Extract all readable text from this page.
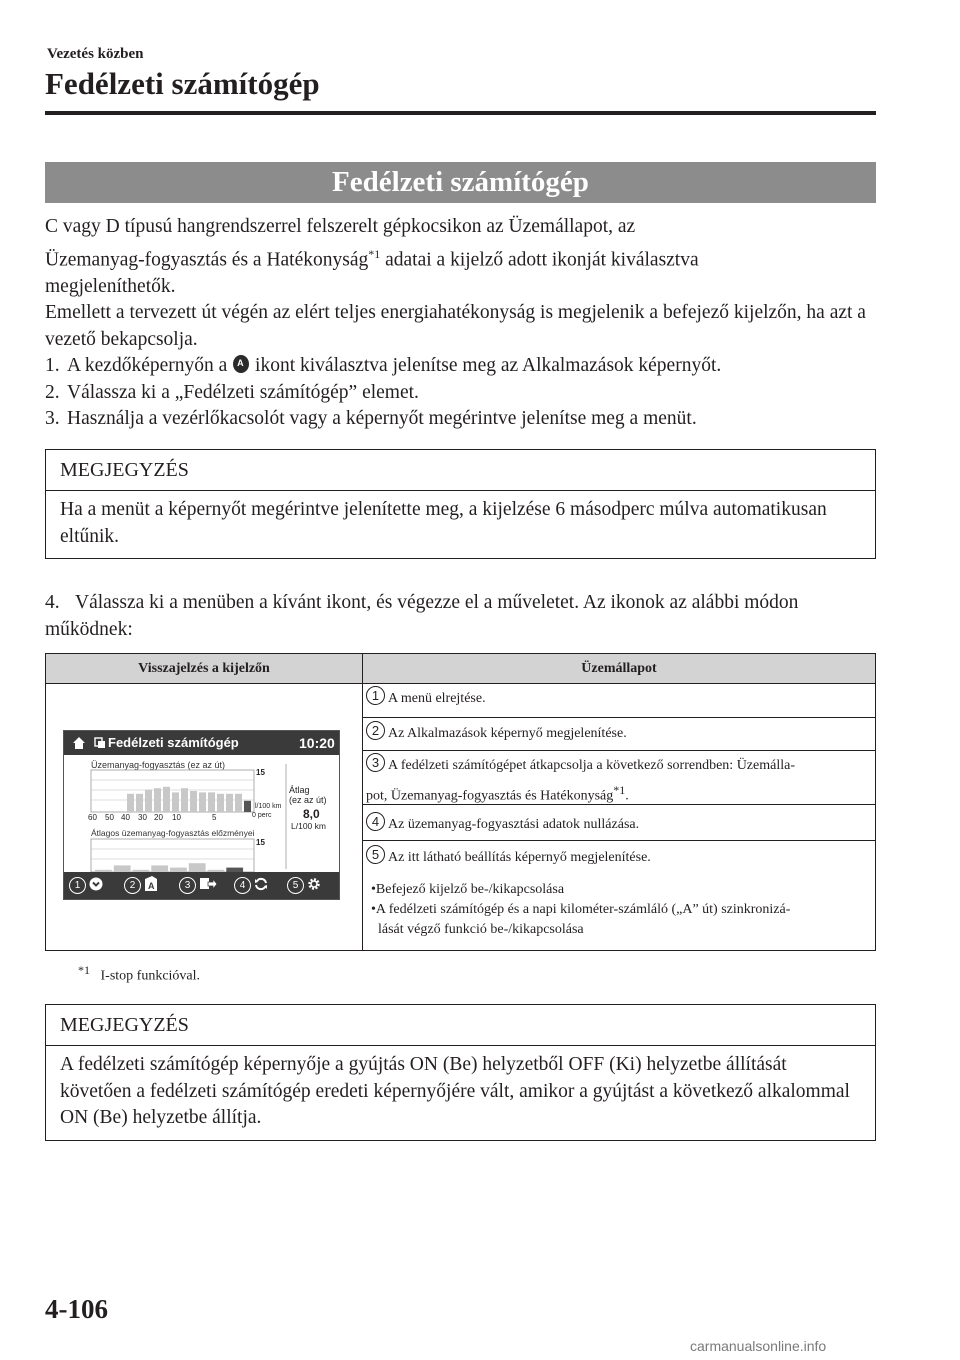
Vezetés közben
Fedélzeti számítógép
Fedélzeti számítógép

C vagy D típusú hangrendszerrel felszerelt gépkocsikon az Üzemállapot, az
Üzemanyag-fogyasztás és a Hatékonyság$^{*1}$ adatai a kijelző adott ikonját kiválasztva
megjeleníthetők.

Emellett a tervezett út végén az elért teljes energiahatékonyság is megjelenik a befejező kijelzőn, ha azt a vezető bekapcsolja.

1. A kezdőképernyőn a A ikont kiválasztva jelenítse meg az Alkalmazások képernyőt.
2. Válassza ki a „Fedélzeti számítógép” elemet.
3. Használja a vezérlőkacsolót vagy a képernyőt megérintve jelenítse meg a menüt.
MEGJEGYZÉS
Ha a menüt a képernyőt megérintve jelenítette meg, a kijelzése 6 másodperc múlva automatikusan eltűnik.
4. Válassza ki a menüben a kívánt ikont, és végezze el a műveletet. Az ikonok az alábbi módon működnek:
Visszajelzés a kijelzőn	Üzemállapot
1 A menü elrejtése.
2 Az Alkalmazások képernyő megjelenítése.
3 A fedélzeti számítógépet átkapcsolja a következő sorrendben: Üzemálla-
pot, Üzemanyag-fogyasztás és Hatékonyság$^{*1}$.
4 Az üzemanyag-fogyasztási adatok nullázása.
5 Az itt látható beállítás képernyő megjelenítése.
•Befejező kijelző be-/kikapcsolása
•A fedélzeti számítógép és a napi kilométer-számláló („A” út) szinkronizá-
lását végző funkció be-/kikapcsolása
Fedélzeti számítógép	10:20
Üzemanyag-fogyasztás (ez az út)
15
l/100 km
0 perc
60 50 40 30 20 10	5
Átlag
(ez az út)
8,0
L/100 km
Átlagos üzemanyag-fogyasztás előzményei
15
1	2	A	3	4	5
$^{*1}$ I-stop funkcióval.
MEGJEGYZÉS
A fedélzeti számítógép képernyője a gyújtás ON (Be) helyzetből OFF (Ki) helyzetbe állítását követően a fedélzeti számítógép eredeti képernyőjére vált, amikor a gyújtást a következő alkalommal ON (Be) helyzetbe állítja.
4-106
carmanualsonline.info
